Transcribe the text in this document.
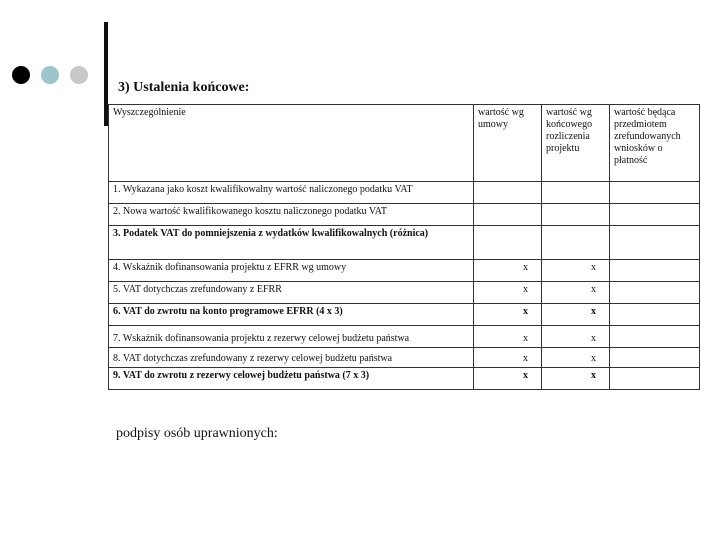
3) Ustalenia końcowe:
Wyszczególnienie	wartość wg umowy	wartość wg końcowego rozliczenia projektu	wartość będąca przedmiotem zrefundowanych wniosków o płatność
1. Wykazana jako koszt kwalifikowalny wartość naliczonego podatku VAT			
2. Nowa wartość kwalifikowanego kosztu naliczonego podatku VAT			
3. Podatek VAT do pomniejszenia z wydatków kwalifikowalnych (różnica)			
4. Wskaźnik dofinansowania projektu z EFRR wg umowy	x	x	
5. VAT dotychczas zrefundowany z EFRR	x	x	
6. VAT do zwrotu na konto programowe EFRR (4 x 3)	x	x	
7. Wskaźnik dofinansowania projektu z rezerwy celowej budżetu państwa	x	x	
8. VAT dotychczas zrefundowany z rezerwy celowej budżetu państwa	x	x	
9. VAT do zwrotu z rezerwy celowej budżetu państwa (7 x 3)	x	x	

podpisy osób uprawnionych:
